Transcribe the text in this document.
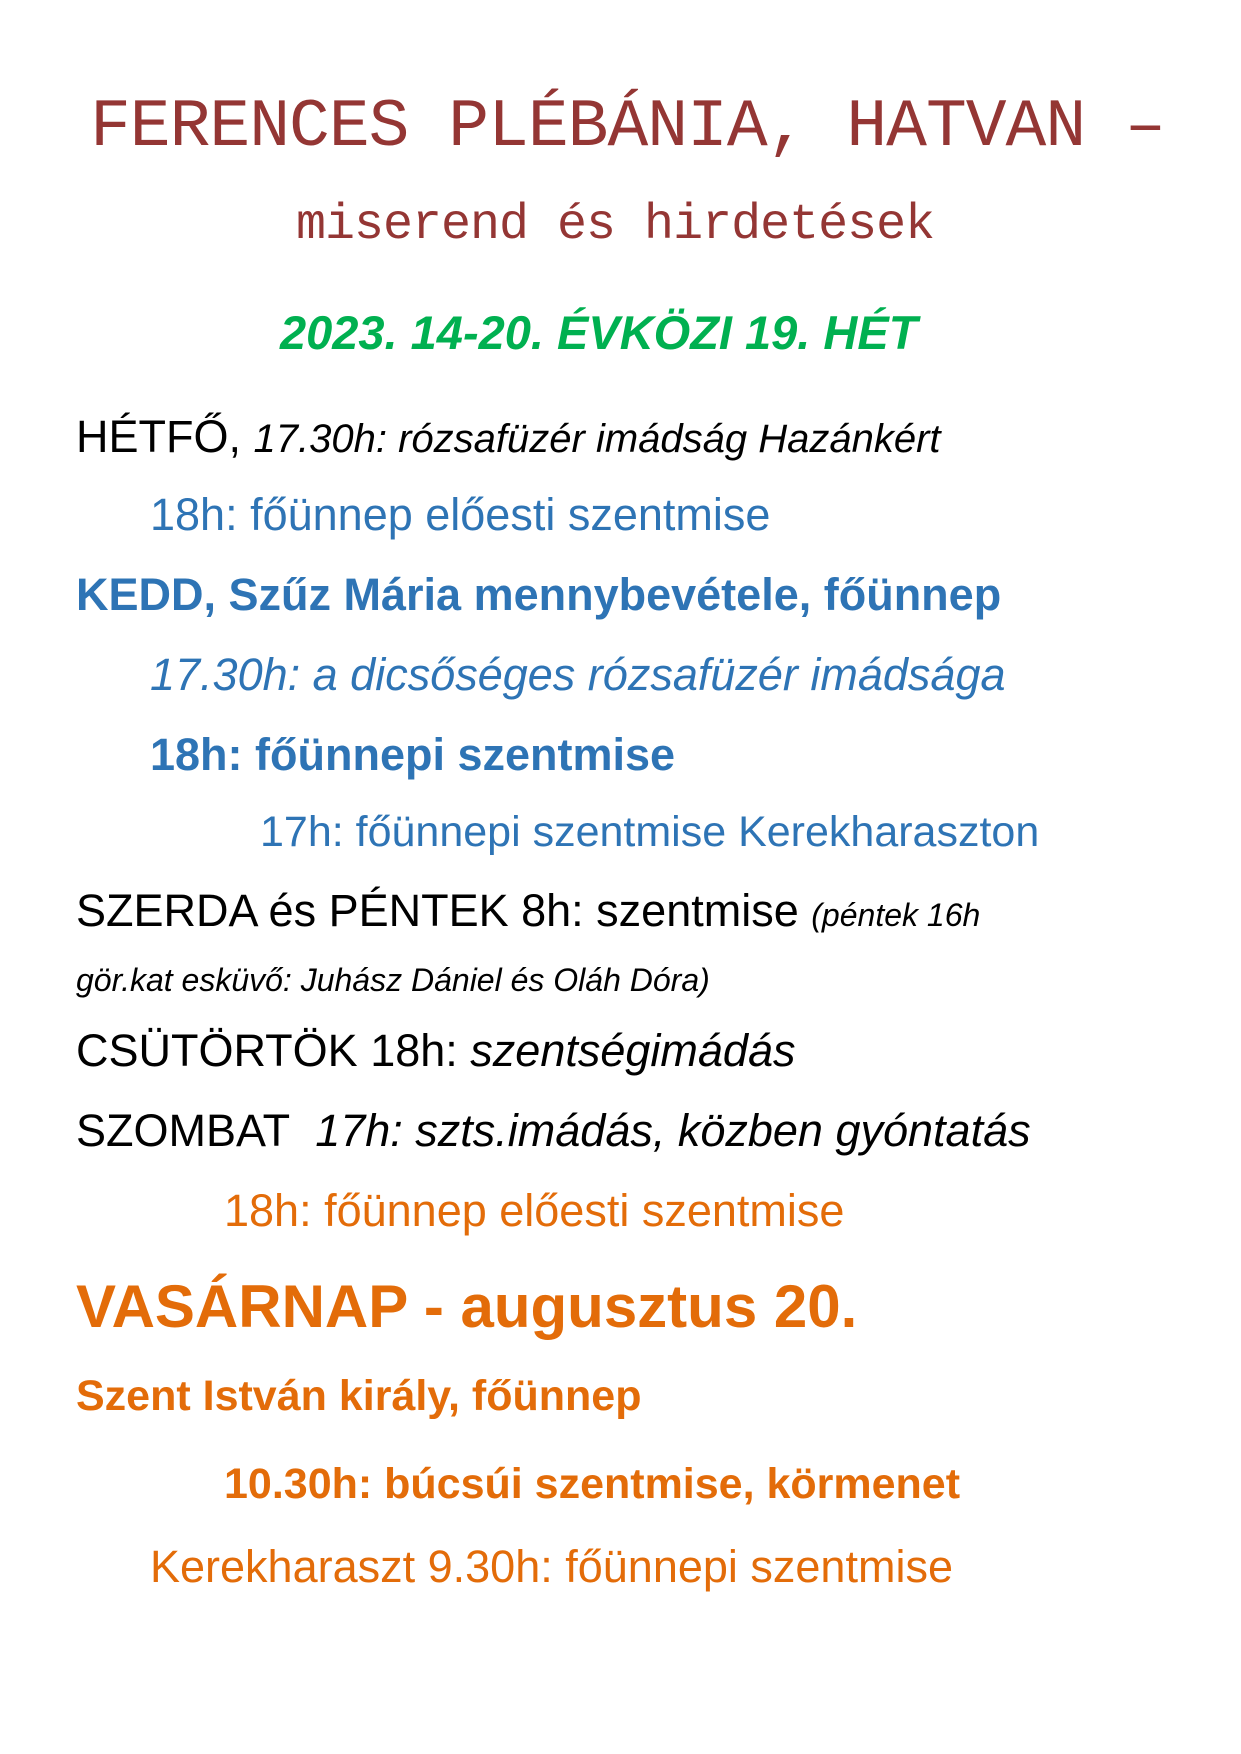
FERENCES PLÉBÁNIA, HATVAN –
miserend és hirdetések
2023. 14-20. ÉVKÖZI 19. HÉT
HÉTFŐ, 17.30h: rózsafüzér imádság Hazánkért
18h: főünnep előesti szentmise
KEDD, Szűz Mária mennybevétele, főünnep
17.30h: a dicsőséges rózsafüzér imádsága
18h: főünnepi szentmise
17h: főünnepi szentmise Kerekharaszton
SZERDA és PÉNTEK 8h: szentmise (péntek 16h
gör.kat esküvő: Juhász Dániel és Oláh Dóra)
CSÜTÖRTÖK 18h: szentségimádás
SZOMBAT 17h: szts.imádás, közben gyóntatás
18h: főünnep előesti szentmise
VASÁRNAP - augusztus 20.
Szent István király, főünnep
10.30h: búcsúi szentmise, körmenet
Kerekharaszt 9.30h: főünnepi szentmise
